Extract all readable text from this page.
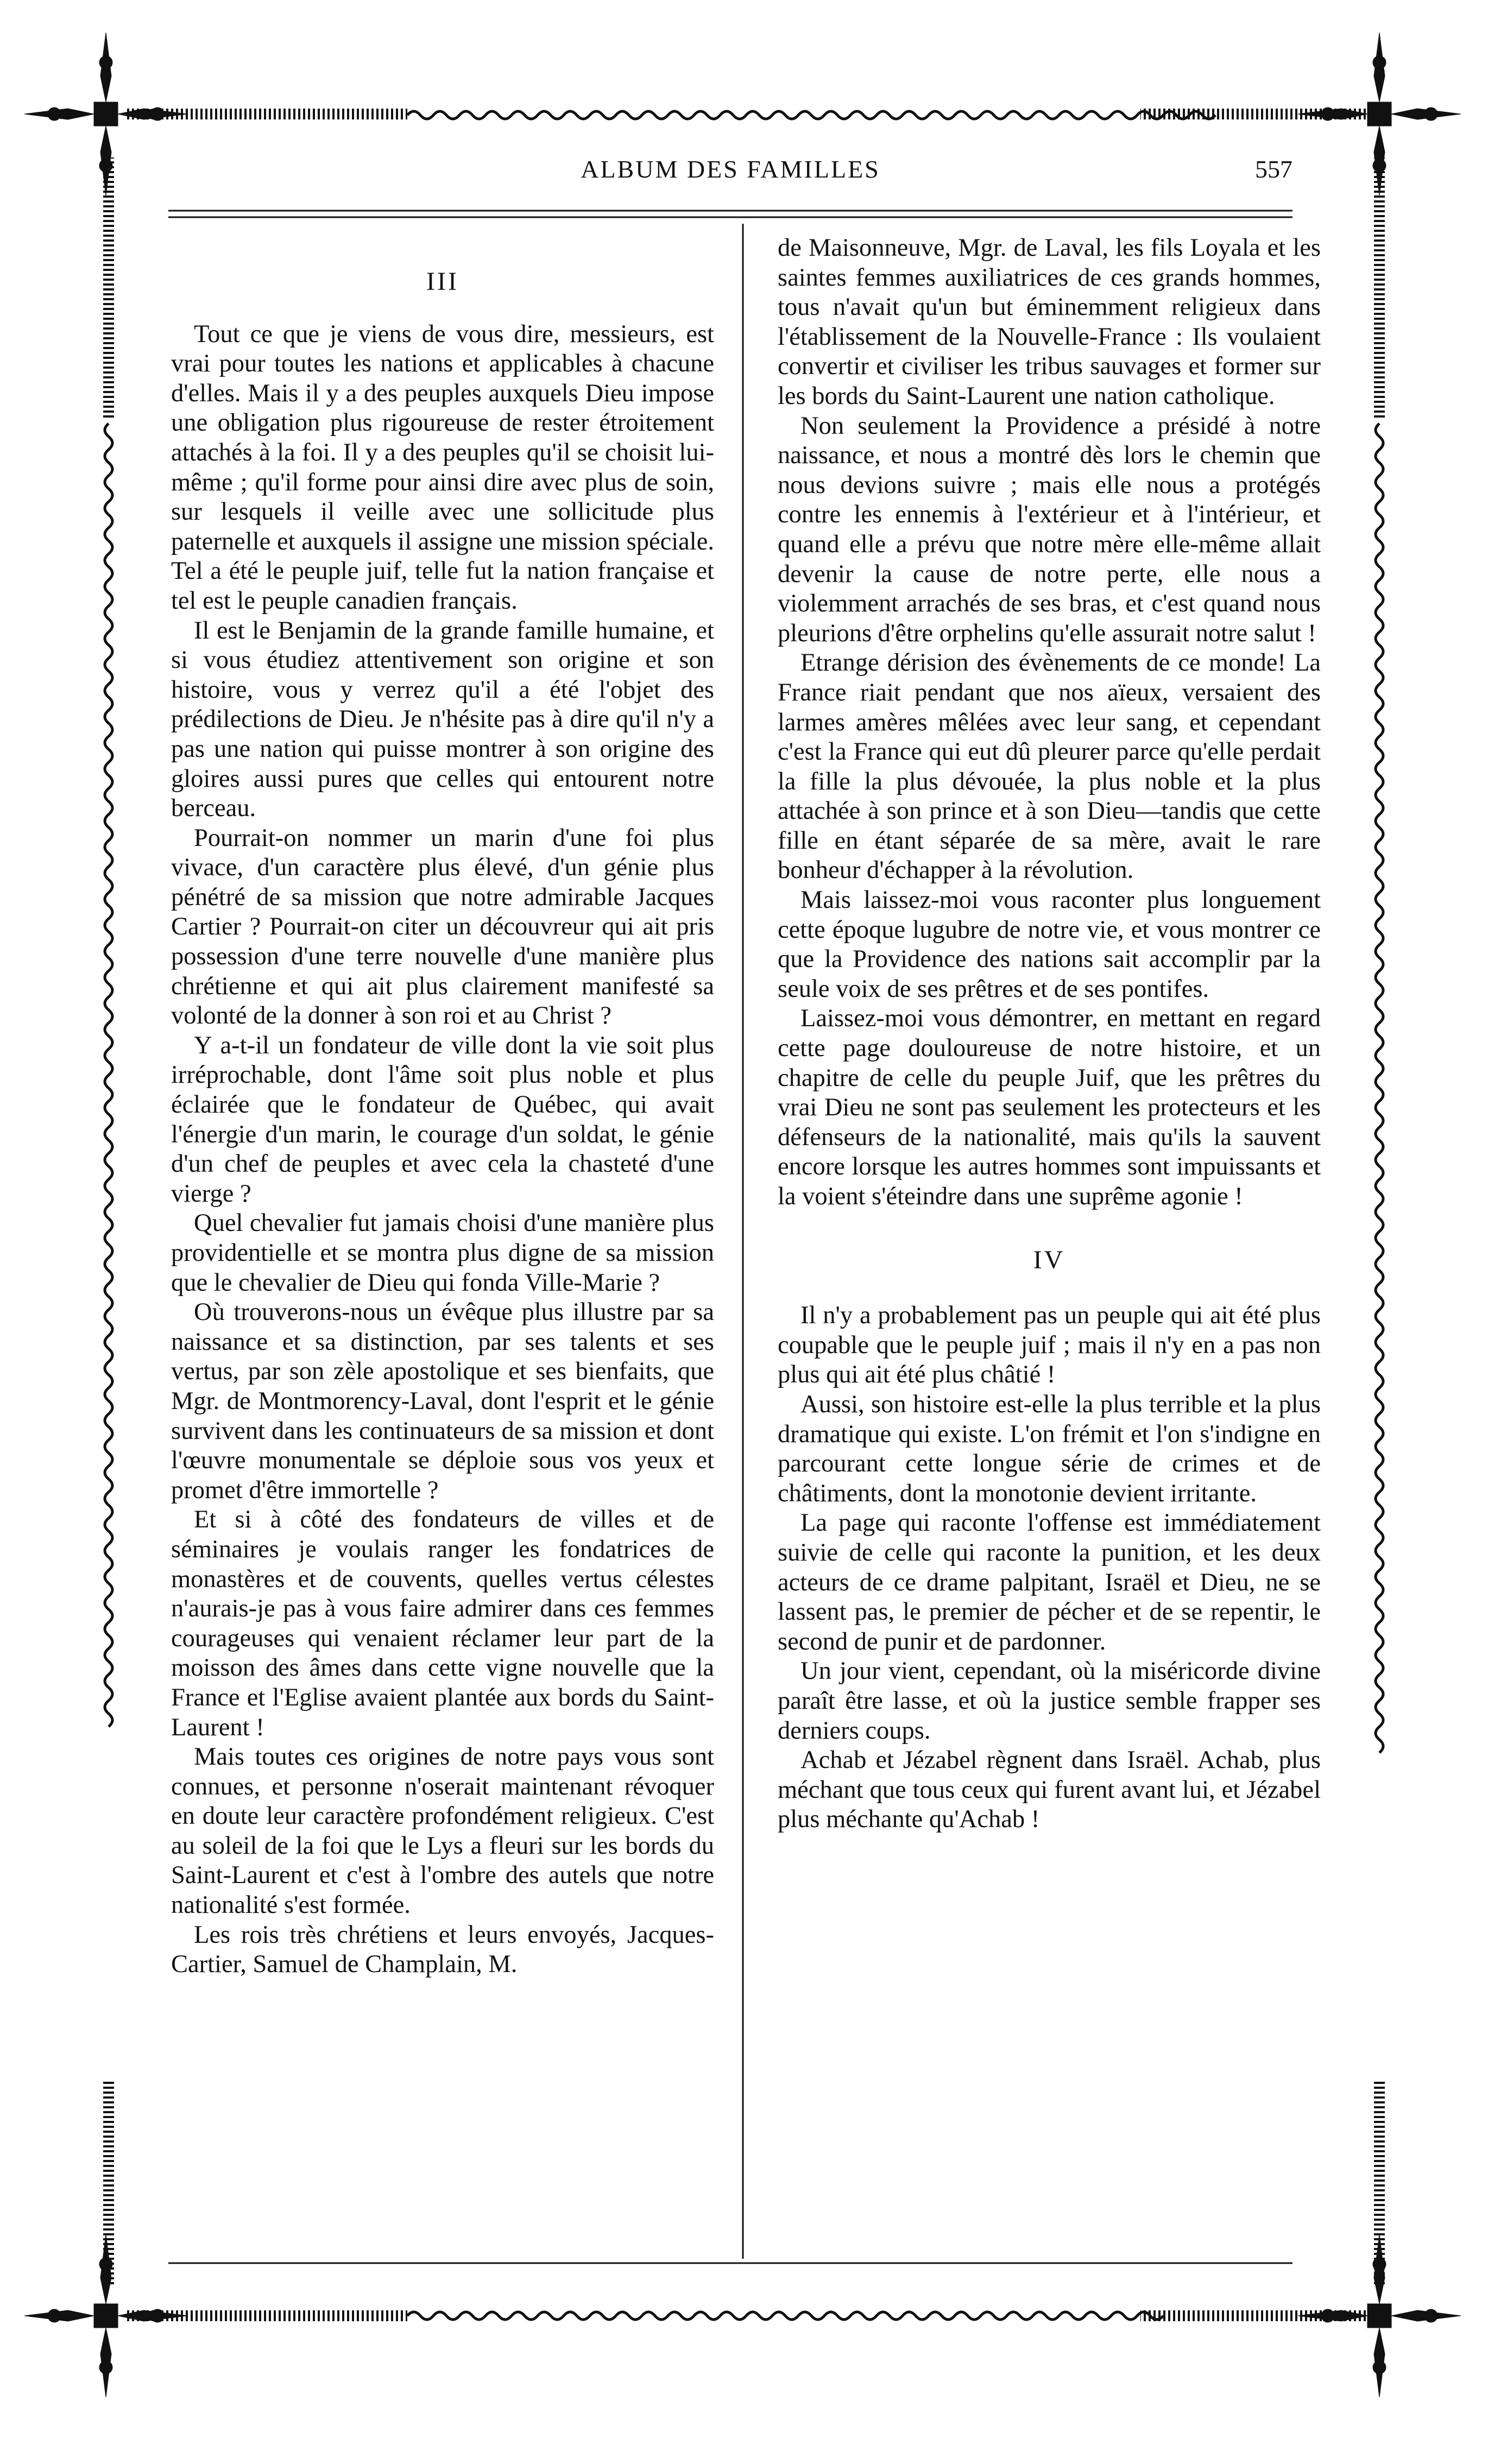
ALBUM DES FAMILLES	557
III

Tout ce que je viens de vous dire, messieurs, est vrai pour toutes les nations et applicables à chacune d'elles. Mais il y a des peuples auxquels Dieu impose une obligation plus rigoureuse de rester étroitement attachés à la foi. Il y a des peuples qu'il se choisit lui-même ; qu'il forme pour ainsi dire avec plus de soin, sur lesquels il veille avec une sollicitude plus paternelle et auxquels il assigne une mission spéciale. Tel a été le peuple juif, telle fut la nation française et tel est le peuple canadien français.

Il est le Benjamin de la grande famille humaine, et si vous étudiez attentivement son origine et son histoire, vous y verrez qu'il a été l'objet des prédilections de Dieu. Je n'hésite pas à dire qu'il n'y a pas une nation qui puisse montrer à son origine des gloires aussi pures que celles qui entourent notre berceau.

Pourrait-on nommer un marin d'une foi plus vivace, d'un caractère plus élevé, d'un génie plus pénétré de sa mission que notre admirable Jacques Cartier ? Pourrait-on citer un découvreur qui ait pris possession d'une terre nouvelle d'une manière plus chrétienne et qui ait plus clairement manifesté sa volonté de la donner à son roi et au Christ ?

Y a-t-il un fondateur de ville dont la vie soit plus irréprochable, dont l'âme soit plus noble et plus éclairée que le fondateur de Québec, qui avait l'énergie d'un marin, le courage d'un soldat, le génie d'un chef de peuples et avec cela la chasteté d'une vierge ?

Quel chevalier fut jamais choisi d'une manière plus providentielle et se montra plus digne de sa mission que le chevalier de Dieu qui fonda Ville-Marie ?

Où trouverons-nous un évêque plus illustre par sa naissance et sa distinction, par ses talents et ses vertus, par son zèle apostolique et ses bienfaits, que Mgr. de Montmorency-Laval, dont l'esprit et le génie survivent dans les continuateurs de sa mission et dont l'œuvre monumentale se déploie sous vos yeux et promet d'être immortelle ?

Et si à côté des fondateurs de villes et de séminaires je voulais ranger les fondatrices de monastères et de couvents, quelles vertus célestes n'aurais-je pas à vous faire admirer dans ces femmes courageuses qui venaient réclamer leur part de la moisson des âmes dans cette vigne nouvelle que la France et l'Eglise avaient plantée aux bords du Saint-Laurent !

Mais toutes ces origines de notre pays vous sont connues, et personne n'oserait maintenant révoquer en doute leur caractère profondément religieux. C'est au soleil de la foi que le Lys a fleuri sur les bords du Saint-Laurent et c'est à l'ombre des autels que notre nationalité s'est formée.

Les rois très chrétiens et leurs envoyés, Jacques-Cartier, Samuel de Champlain, M.

de Maisonneuve, Mgr. de Laval, les fils Loyala et les saintes femmes auxiliatrices de ces grands hommes, tous n'avait qu'un but éminemment religieux dans l'établissement de la Nouvelle-France : Ils voulaient convertir et civiliser les tribus sauvages et former sur les bords du Saint-Laurent une nation catholique.

Non seulement la Providence a présidé à notre naissance, et nous a montré dès lors le chemin que nous devions suivre ; mais elle nous a protégés contre les ennemis à l'extérieur et à l'intérieur, et quand elle a prévu que notre mère elle-même allait devenir la cause de notre perte, elle nous a violemment arrachés de ses bras, et c'est quand nous pleurions d'être orphelins qu'elle assurait notre salut !

Etrange dérision des évènements de ce monde! La France riait pendant que nos aïeux, versaient des larmes amères mêlées avec leur sang, et cependant c'est la France qui eut dû pleurer parce qu'elle perdait la fille la plus dévouée, la plus noble et la plus attachée à son prince et à son Dieu—tandis que cette fille en étant séparée de sa mère, avait le rare bonheur d'échapper à la révolution.

Mais laissez-moi vous raconter plus longuement cette époque lugubre de notre vie, et vous montrer ce que la Providence des nations sait accomplir par la seule voix de ses prêtres et de ses pontifes.

Laissez-moi vous démontrer, en mettant en regard cette page douloureuse de notre histoire, et un chapitre de celle du peuple Juif, que les prêtres du vrai Dieu ne sont pas seulement les protecteurs et les défenseurs de la nationalité, mais qu'ils la sauvent encore lorsque les autres hommes sont impuissants et la voient s'éteindre dans une suprême agonie !

IV

Il n'y a probablement pas un peuple qui ait été plus coupable que le peuple juif ; mais il n'y en a pas non plus qui ait été plus châtié !

Aussi, son histoire est-elle la plus terrible et la plus dramatique qui existe. L'on frémit et l'on s'indigne en parcourant cette longue série de crimes et de châtiments, dont la monotonie devient irritante.

La page qui raconte l'offense est immédiatement suivie de celle qui raconte la punition, et les deux acteurs de ce drame palpitant, Israël et Dieu, ne se lassent pas, le premier de pécher et de se repentir, le second de punir et de pardonner.

Un jour vient, cependant, où la miséricorde divine paraît être lasse, et où la justice semble frapper ses derniers coups.

Achab et Jézabel règnent dans Israël. Achab, plus méchant que tous ceux qui furent avant lui, et Jézabel plus méchante qu'Achab !
